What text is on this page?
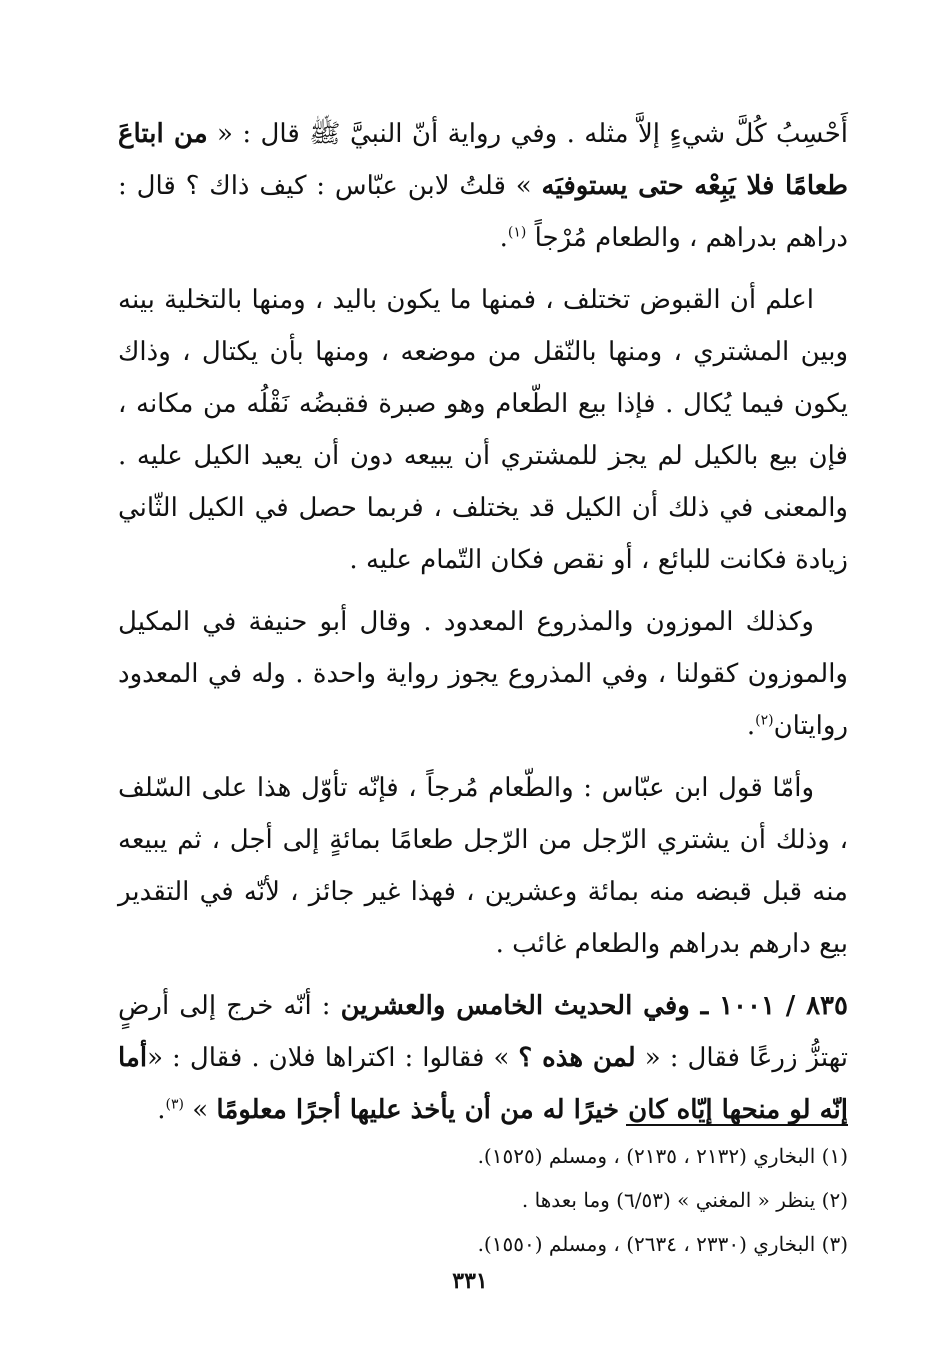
أَحْسِبُ كُلَّ شيءٍ إلاَّ مثله . وفي رواية أنّ النبيَّ ﷺ قال : « من ابتاعَ طعامًا فلا يَبِعْه حتى يستوفيَه » قلتُ لابن عبّاس : كيف ذاك ؟ قال : دراهم بدراهم ، والطعام مُرْجاً $^{(١)}$.

اعلم أن القبوض تختلف ، فمنها ما يكون باليد ، ومنها بالتخلية بينه وبين المشتري ، ومنها بالنّقل من موضعه ، ومنها بأن يكتال ، وذاك يكون فيما يُكال . فإذا بيع الطّعام وهو صبرة فقبضُه نَقْلُه من مكانه ، فإن بيع بالكيل لم يجز للمشتري أن يبيعه دون أن يعيد الكيل عليه . والمعنى في ذلك أن الكيل قد يختلف ، فربما حصل في الكيل الثّاني زيادة فكانت للبائع ، أو نقص فكان التّمام عليه .

وكذلك الموزون والمذروع المعدود . وقال أبو حنيفة في المكيل والموزون كقولنا ، وفي المذروع يجوز رواية واحدة . وله في المعدود روايتان$^{(٢)}$.

وأمّا قول ابن عبّاس : والطّعام مُرجاً ، فإنّه تأوّل هذا على السّلف ، وذلك أن يشتري الرّجل من الرّجل طعامًا بمائةٍ إلى أجل ، ثم يبيعه منه قبل قبضه منه بمائة وعشرين ، فهذا غير جائز ، لأنّه في التقدير بيع دارهم بدراهم والطعام غائب .

٨٣٥ / ١٠٠١ ـ وفي الحديث الخامس والعشرين : أنّه خرج إلى أرضٍ تهتزُّ زرعًا فقال : « لمن هذه ؟ » فقالوا : اكتراها فلان . فقال : «أما إنّه لو منحها إيّاه كان خيرًا له من أن يأخذ عليها أجرًا معلومًا » $^{(٣)}$.

(١) البخاري (٢١٣٢ ، ٢١٣٥) ، ومسلم (١٥٢٥).
(٢) ينظر « المغني » (٦/٥٣) وما بعدها .
(٣) البخاري (٢٣٣٠ ، ٢٦٣٤) ، ومسلم (١٥٥٠).
٣٣١
